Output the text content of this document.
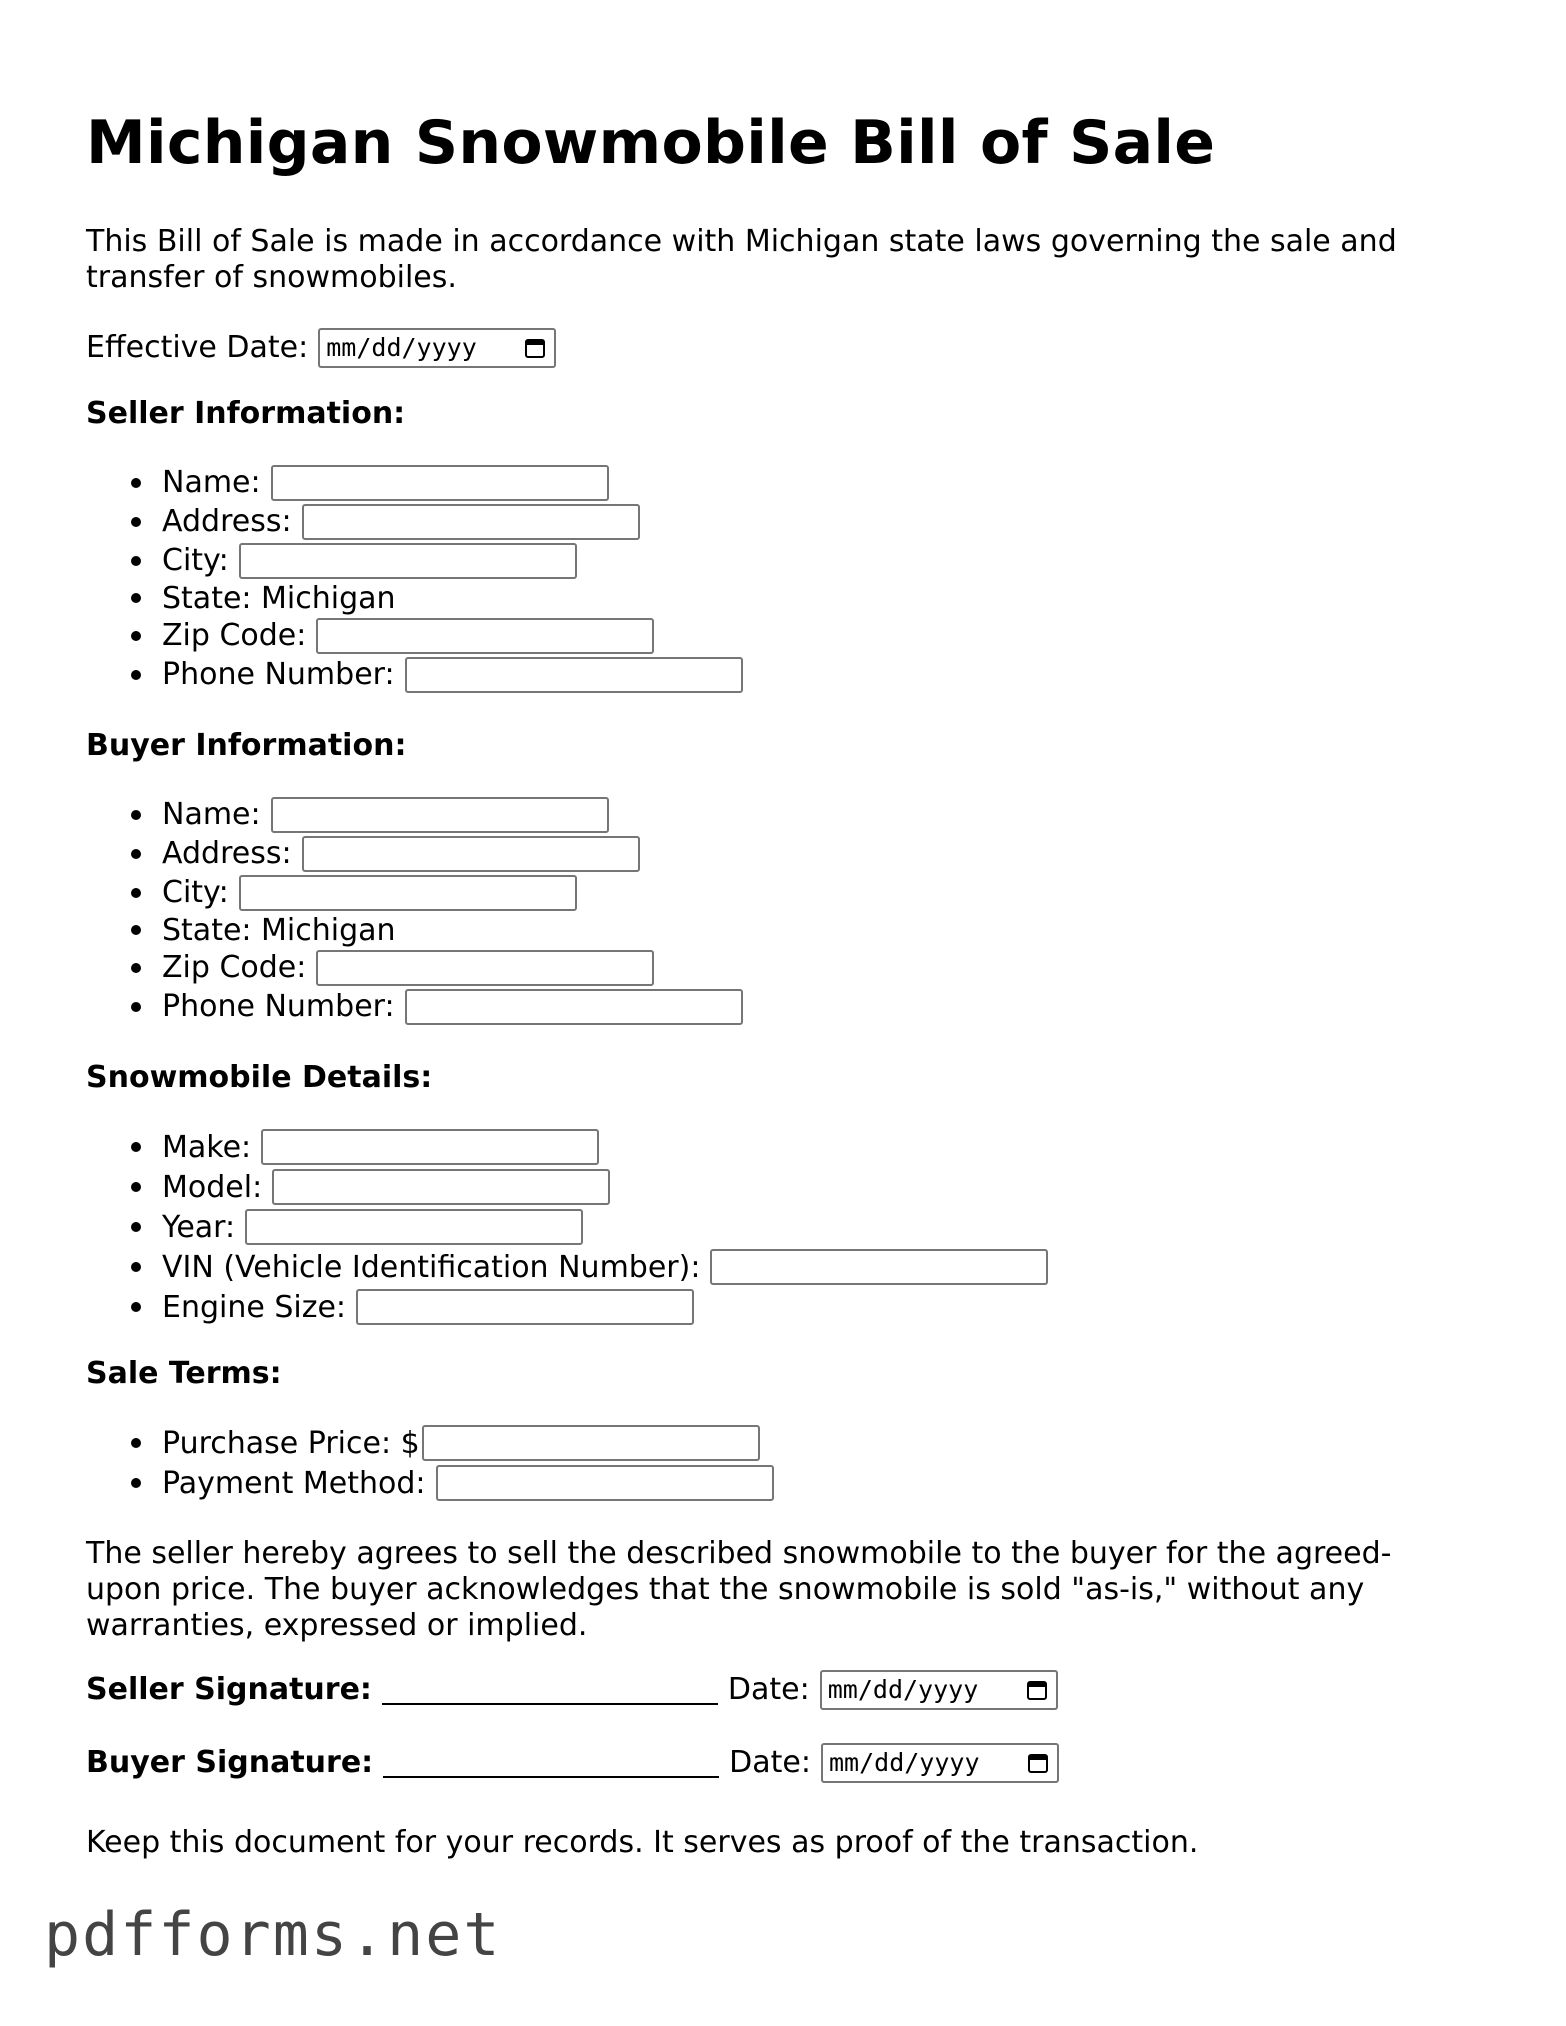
Michigan Snowmobile Bill of Sale

This Bill of Sale is made in accordance with Michigan state laws governing the sale and transfer of snowmobiles.

Effective Date: mm/dd/yyyy
Seller Information:
Name:
Address:
City:
State: Michigan
Zip Code:
Phone Number:
Buyer Information:
Name:
Address:
City:
State: Michigan
Zip Code:
Phone Number:
Snowmobile Details:
Make:
Model:
Year:
VIN (Vehicle Identification Number):
Engine Size:
Sale Terms:
Purchase Price: $
Payment Method:

The seller hereby agrees to sell the described snowmobile to the buyer for the agreed-upon price. The buyer acknowledges that the snowmobile is sold "as-is," without any warranties, expressed or implied.

Seller Signature:	Date: mm/dd/yyyy
Buyer Signature:	Date: mm/dd/yyyy

Keep this document for your records. It serves as proof of the transaction.

pdfforms.net
